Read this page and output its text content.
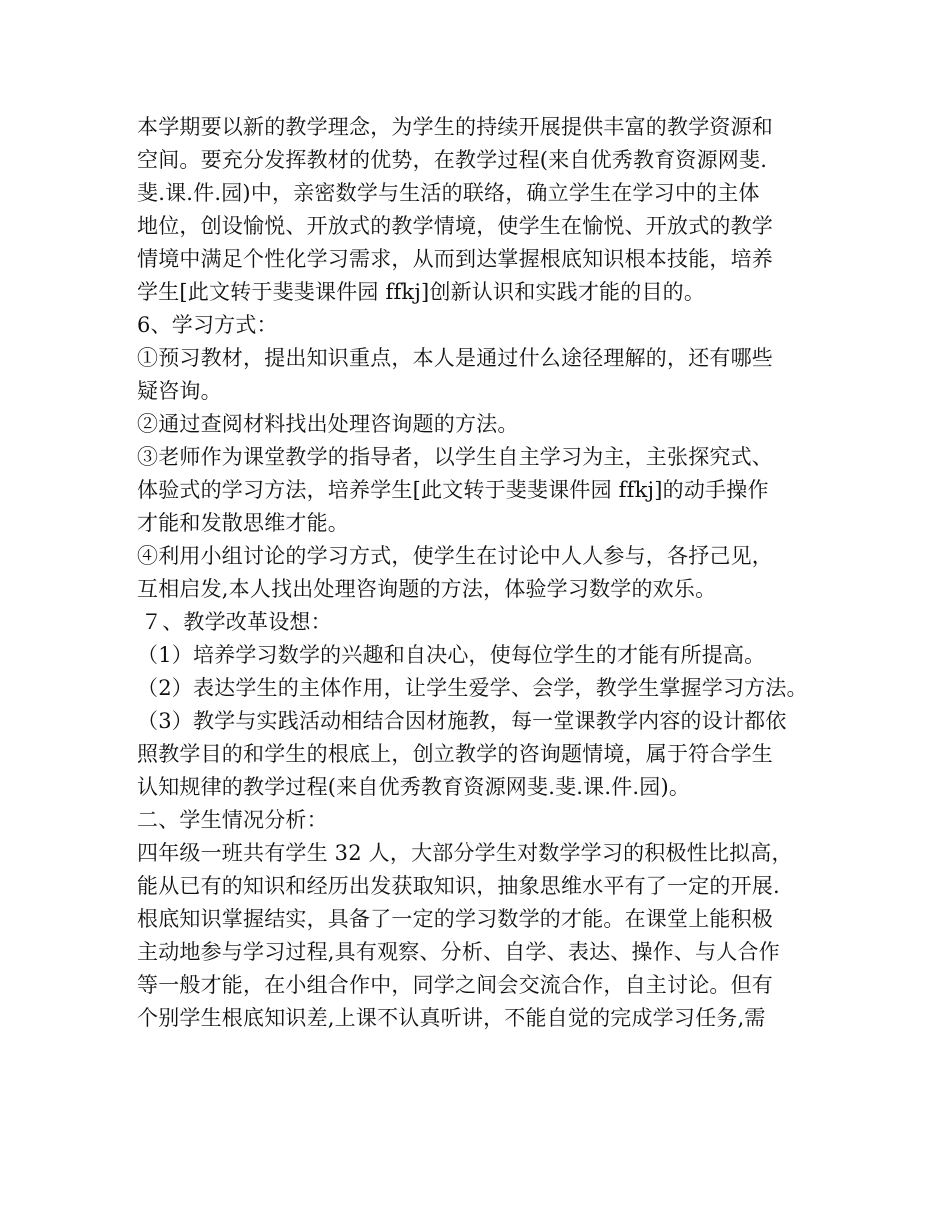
本学期要以新的教学理念，为学生的持续开展提供丰富的教学资源和
空间。要充分发挥教材的优势，在教学过程(来自优秀教育资源网斐.
斐.课.件.园)中，亲密数学与生活的联络，确立学生在学习中的主体
地位，创设愉悦、开放式的教学情境，使学生在愉悦、开放式的教学
情境中满足个性化学习需求，从而到达掌握根底知识根本技能，培养
学生[此文转于斐斐课件园 ffkj]创新认识和实践才能的目的。
6、学习方式：
①预习教材，提出知识重点，本人是通过什么途径理解的，还有哪些
疑咨询。
②通过查阅材料找出处理咨询题的方法。
③老师作为课堂教学的指导者，以学生自主学习为主，主张探究式、
体验式的学习方法，培养学生[此文转于斐斐课件园 ffkj]的动手操作
才能和发散思维才能。
④利用小组讨论的学习方式，使学生在讨论中人人参与，各抒己见，
互相启发,本人找出处理咨询题的方法，体验学习数学的欢乐。
７、教学改革设想：
（1）培养学习数学的兴趣和自决心，使每位学生的才能有所提高。
（2）表达学生的主体作用，让学生爱学、会学，教学生掌握学习方法。
（3）教学与实践活动相结合因材施教，每一堂课教学内容的设计都依
照教学目的和学生的根底上，创立教学的咨询题情境，属于符合学生
认知规律的教学过程(来自优秀教育资源网斐.斐.课.件.园)。
二、学生情况分析：
四年级一班共有学生 32 人，大部分学生对数学学习的积极性比拟高，
能从已有的知识和经历出发获取知识，抽象思维水平有了一定的开展.
根底知识掌握结实，具备了一定的学习数学的才能。在课堂上能积极
主动地参与学习过程,具有观察、分析、自学、表达、操作、与人合作
等一般才能，在小组合作中，同学之间会交流合作，自主讨论。但有
个别学生根底知识差,上课不认真听讲，不能自觉的完成学习任务,需
